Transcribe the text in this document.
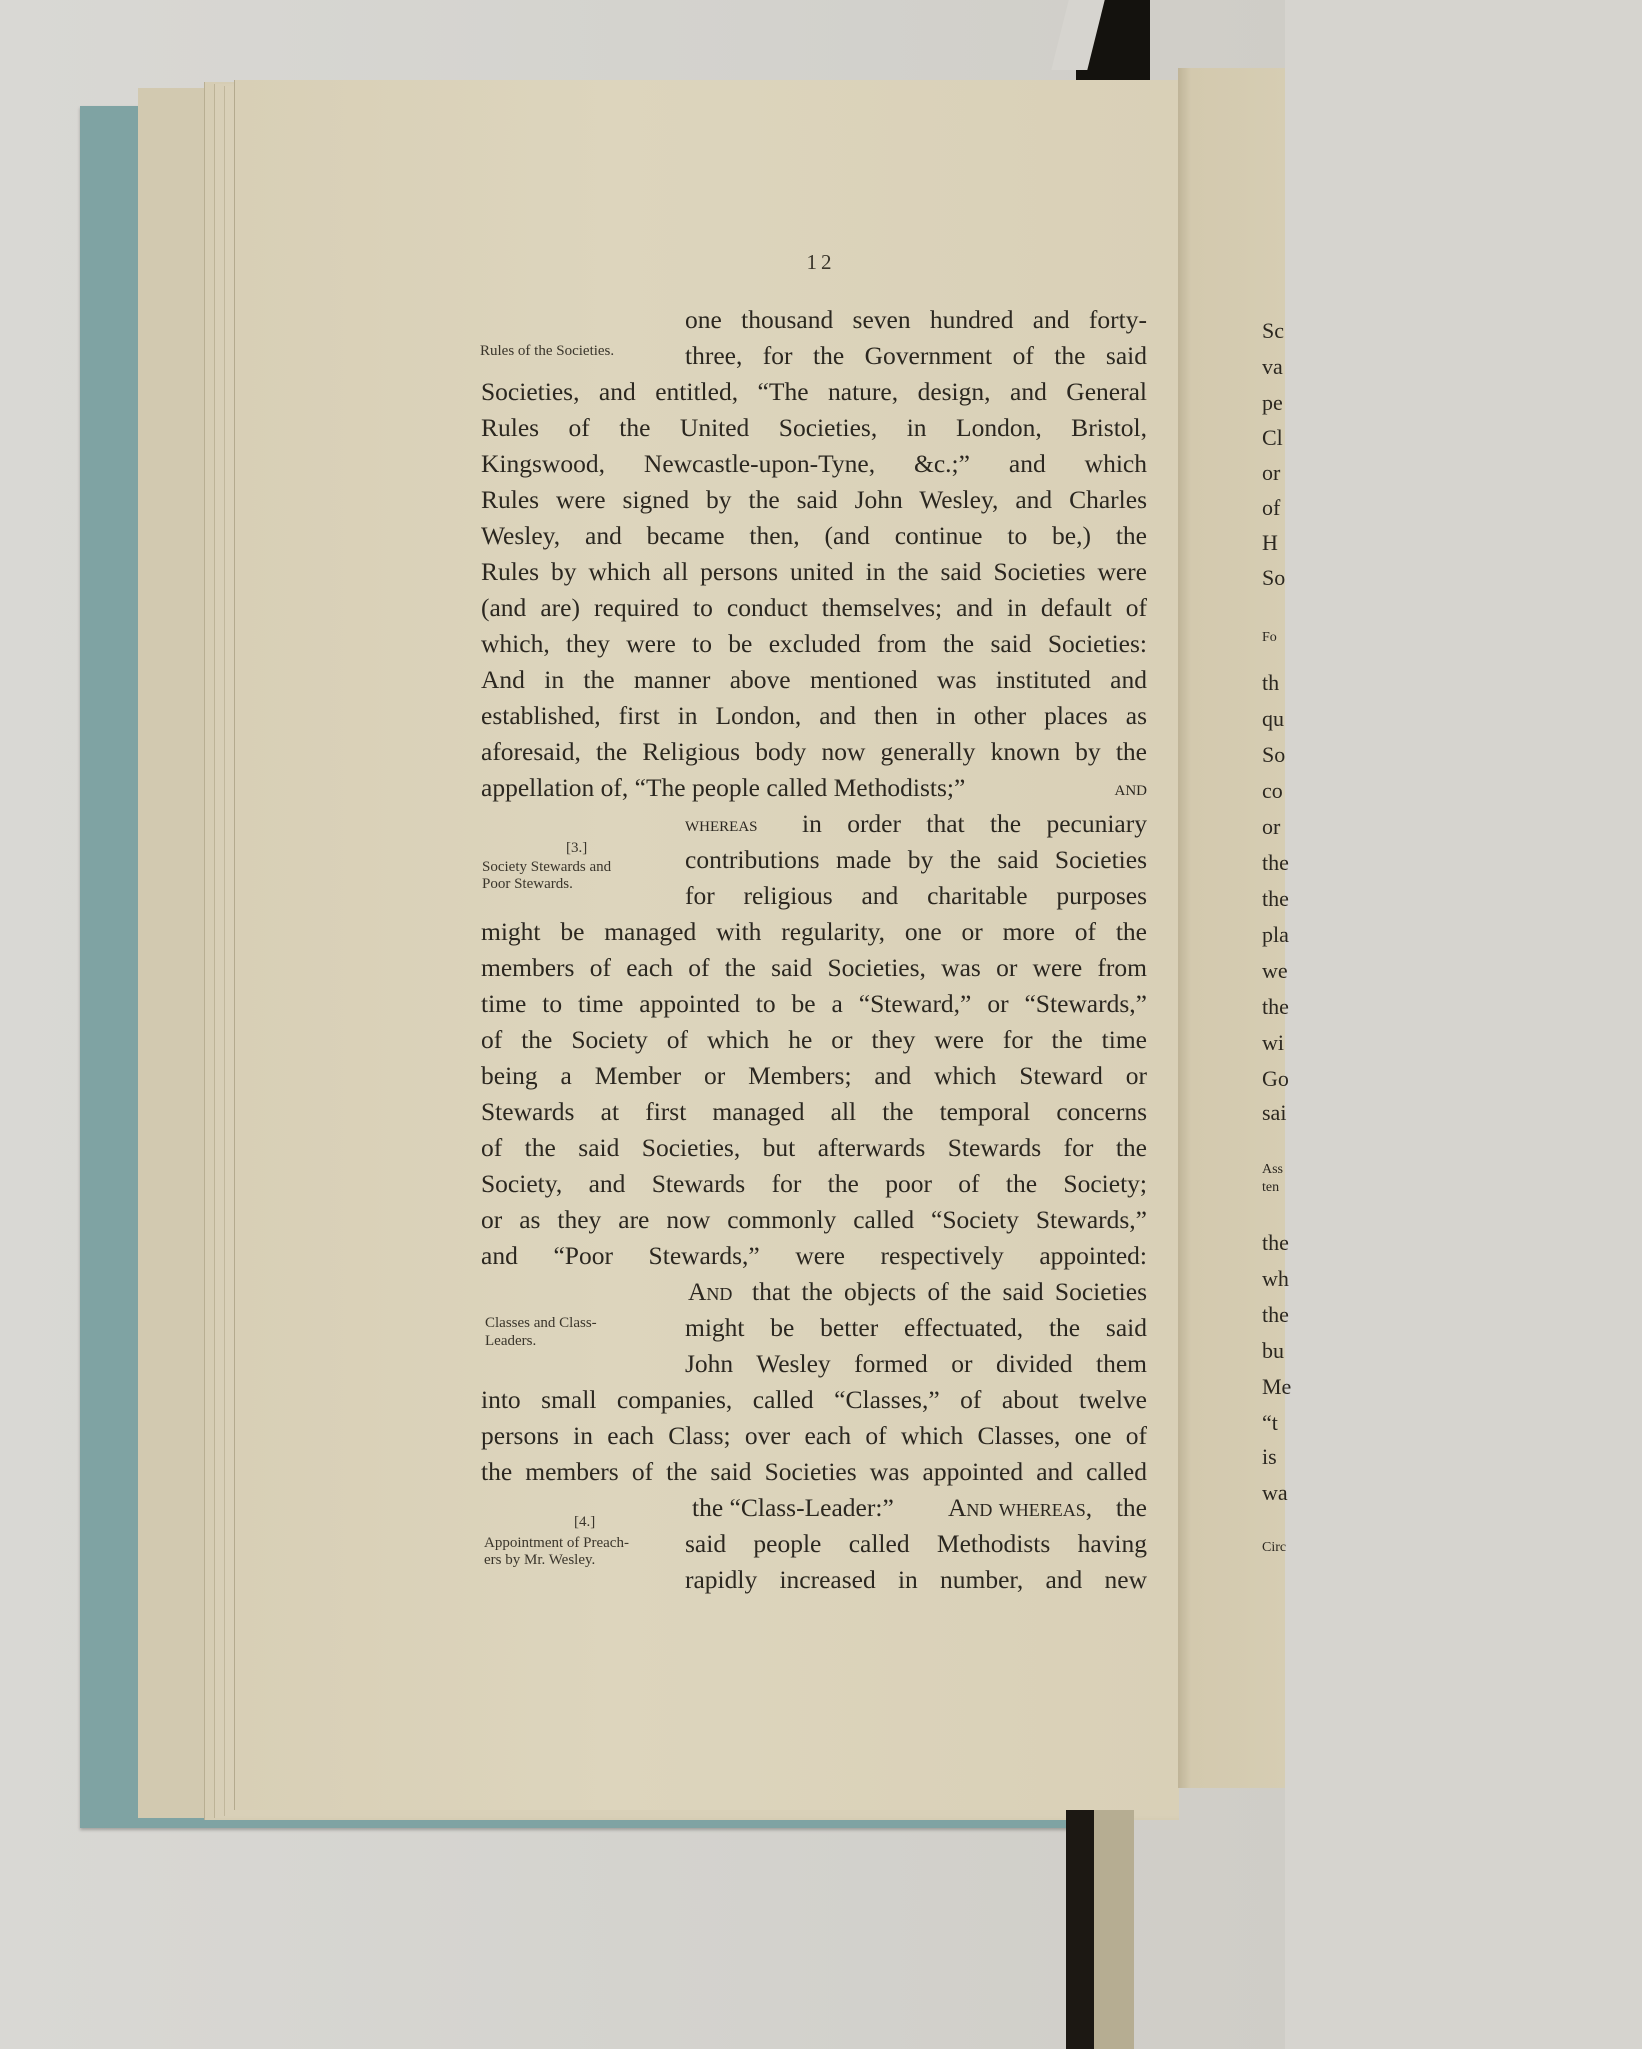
12
Rules of the Societies.
[3.]
Society Stewards and
Poor Stewards.
Classes and Class-
Leaders.
[4.]
Appointment of Preach-
ers by Mr. Wesley.
one thousand seven hundred and forty-
three, for the Government of the said
Societies, and entitled, “The nature, design, and General
Rules of the United Societies, in London, Bristol,
Kingswood, Newcastle-upon-Tyne, &c.;” and which
Rules were signed by the said John Wesley, and Charles
Wesley, and became then, (and continue to be,) the
Rules by which all persons united in the said Societies were
(and are) required to conduct themselves; and in default of
which, they were to be excluded from the said Societies:
And in the manner above mentioned was instituted and
established, first in London, and then in other places as
aforesaid, the Religious body now generally known by the
appellation of, “The people called Methodists;”	and
whereas	in order that the pecuniary
contributions made by the said Societies
for religious and charitable purposes
might be managed with regularity, one or more of the
members of each of the said Societies, was or were from
time to time appointed to be a “Steward,” or “Stewards,”
of the Society of which he or they were for the time
being a Member or Members; and which Steward or
Stewards at first managed all the temporal concerns
of the said Societies, but afterwards Stewards for the
Society, and Stewards for the poor of the Society;
or as they are now commonly called “Society Stewards,”
and “Poor Stewards,” were respectively appointed:
And that the objects of the said Societies
might be better effectuated, the said
John Wesley formed or divided them
into small companies, called “Classes,” of about twelve
persons in each Class; over each of which Classes, one of
the members of the said Societies was appointed and called
the “Class-Leader:”	And whereas, the
said people called Methodists having
rapidly increased in number, and new
Sc
va
pe
Cl
or
of
H
So
Fo
th
qu
So
co
or
the
the
pla
we
the
wi
Go
sai
Ass
ten
the
wh
the
bu
Me
“t
is
wa
Circ
